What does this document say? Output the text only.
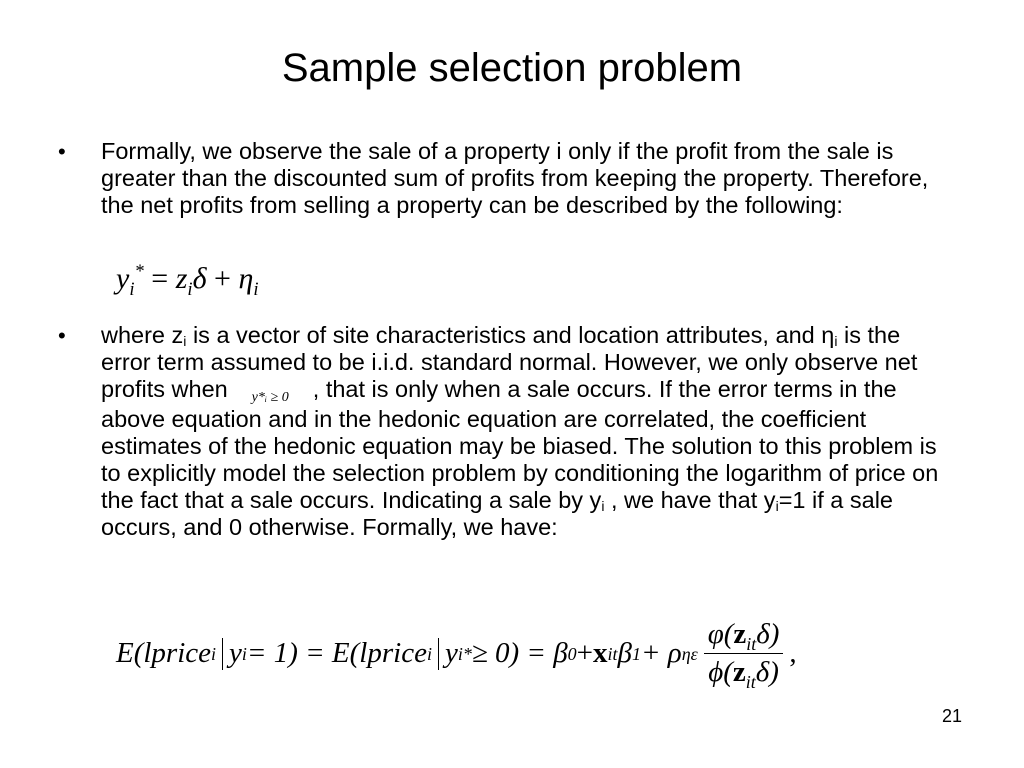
Sample selection problem
• Formally, we observe the sale of a property i only if the profit from the sale is greater than the discounted sum of profits from keeping the property. Therefore, the net profits from selling a property can be described by the following:
$y_i^* = z_i\delta + \eta_i$
• where $z_i$ is a vector of site characteristics and location attributes, and $\eta_i$ is the error term assumed to be i.i.d. standard normal. However, we only observe net profits when y*ᵢ ≥ 0 , that is only when a sale occurs. If the error terms in the above equation and in the hedonic equation are correlated, the coefficient estimates of the hedonic equation may be biased. The solution to this problem is to explicitly model the selection problem by conditioning the logarithm of price on the fact that a sale occurs. Indicating a sale by $y_i$ , we have that $y_i=1$ if a sale occurs, and 0 otherwise. Formally, we have:
E(lprice i y i = 1) = E(lprice i y i * ≥ 0) = β 0 + x it β 1 + ρ ηε $\frac{\varphi(z_{it}\delta)}{\phi(z_{it}\delta)}$ ,
21
